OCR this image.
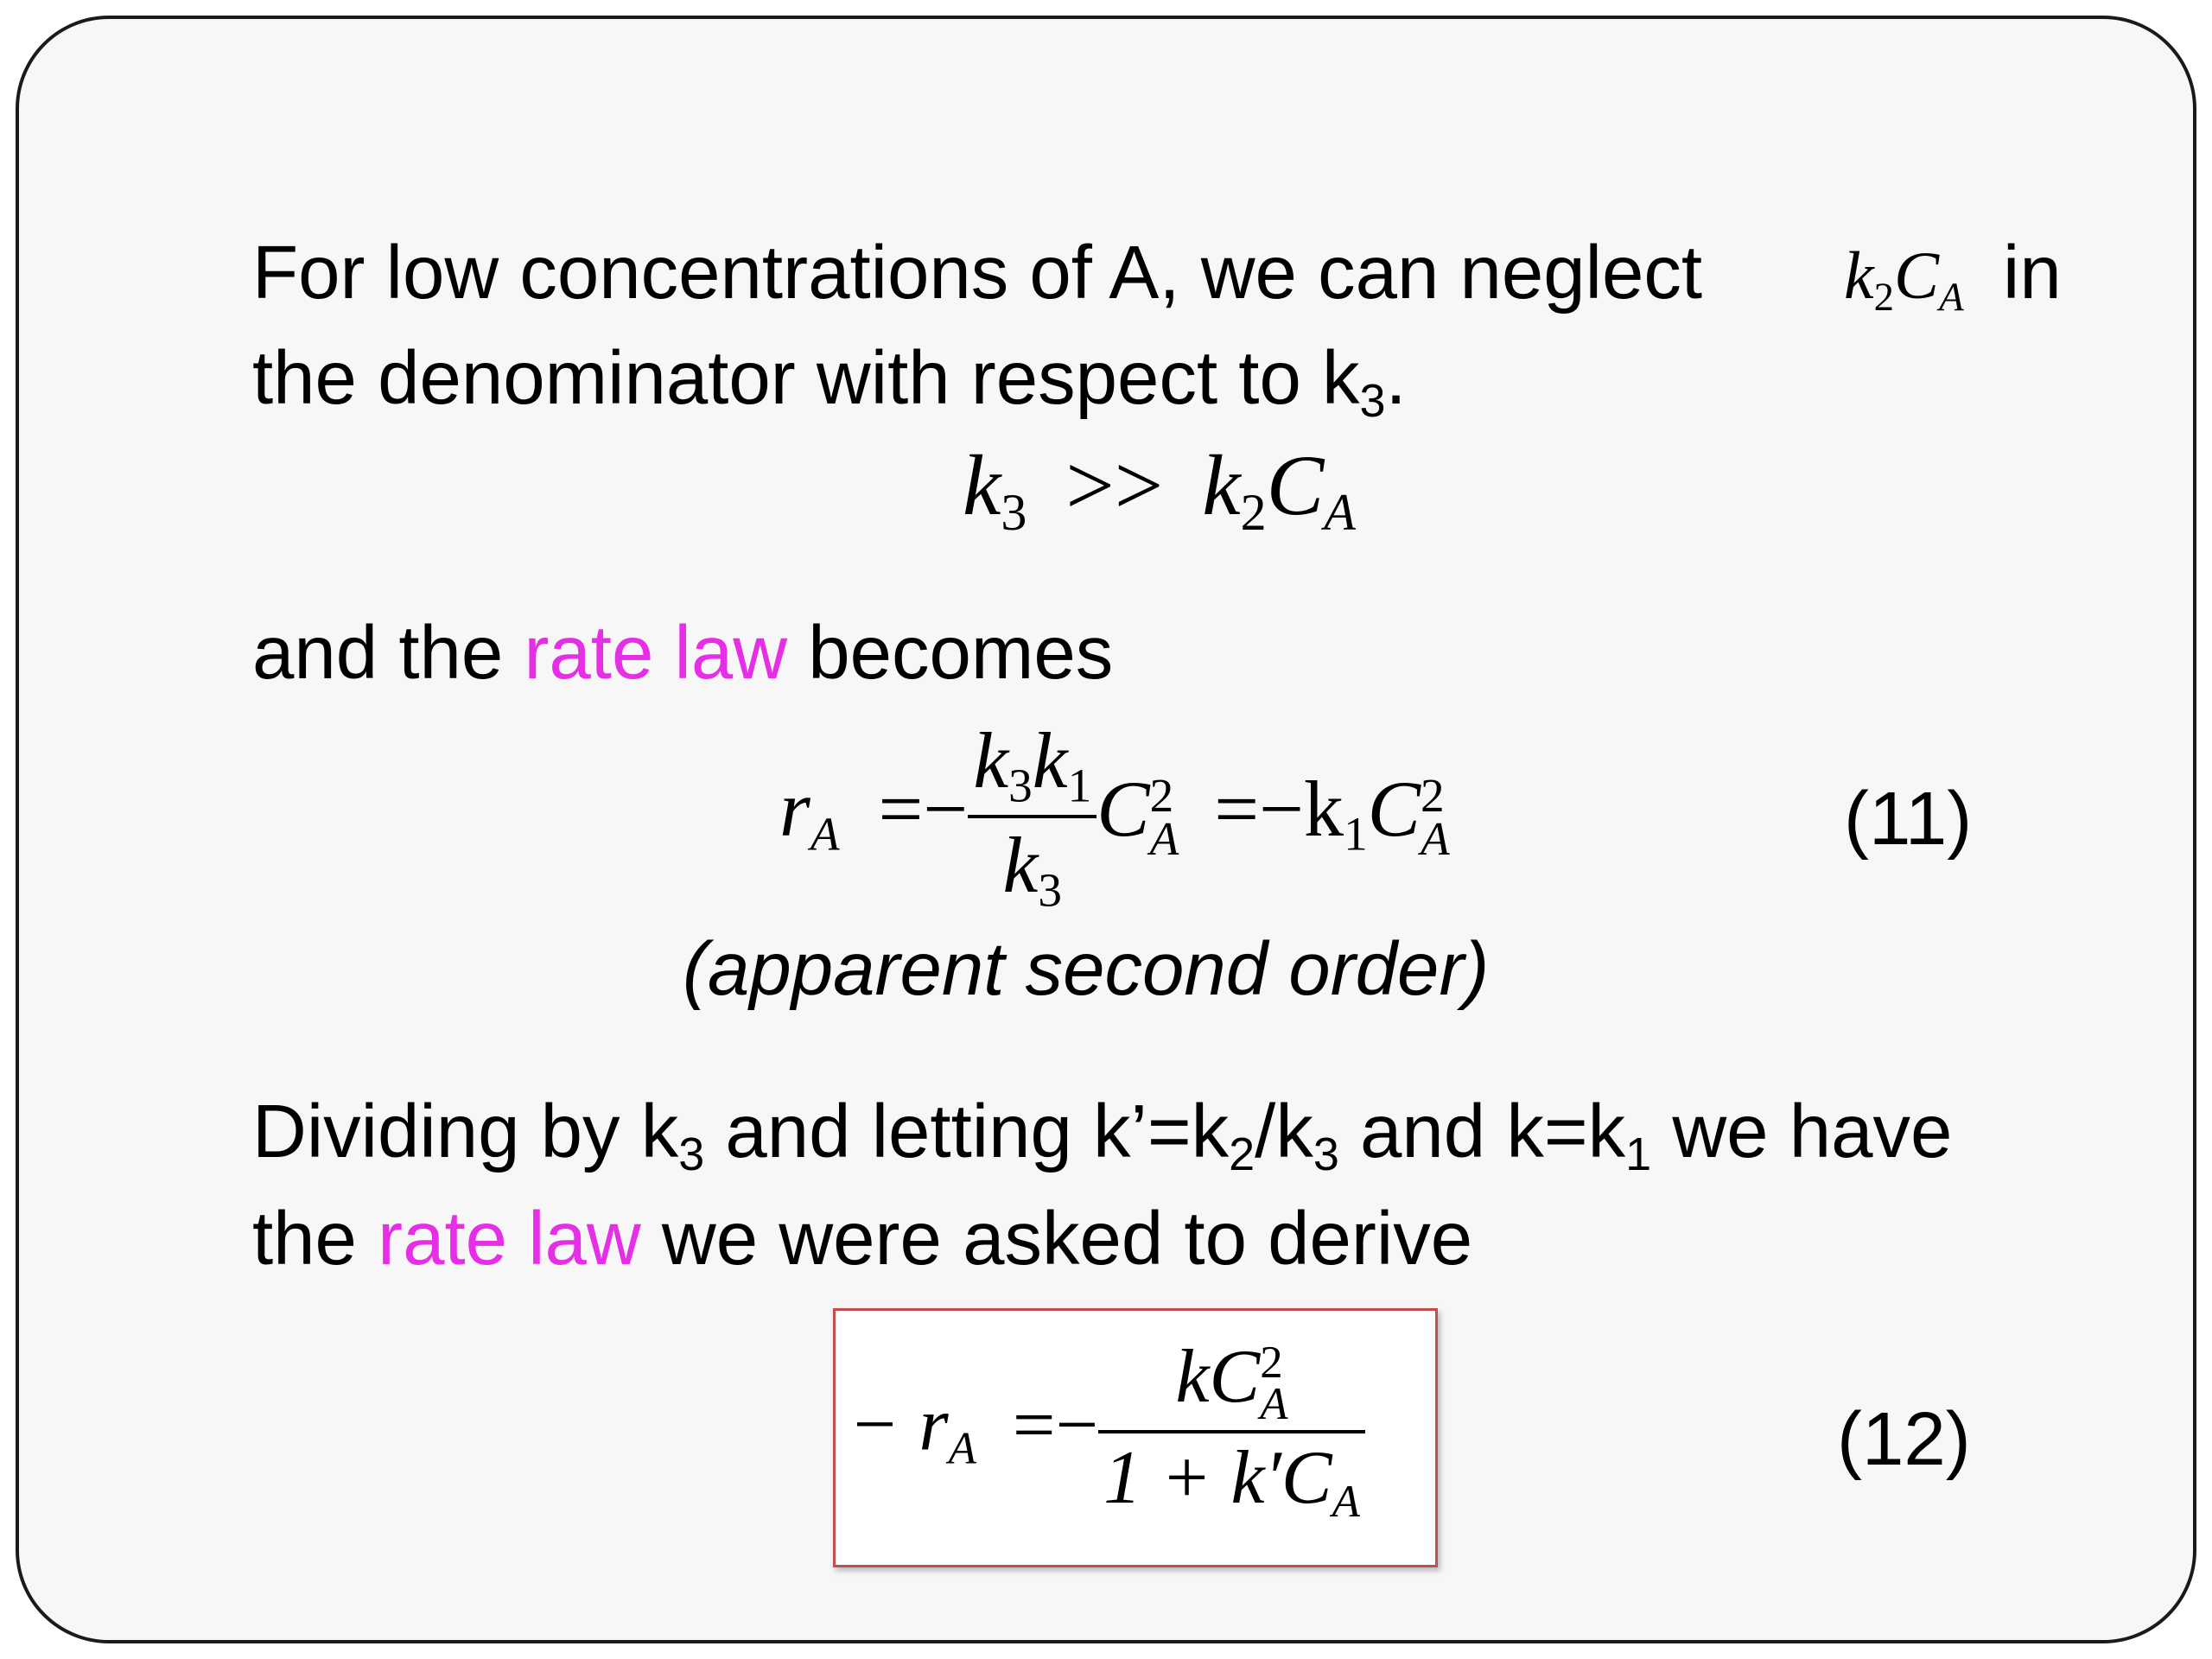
For low concentrations of A, we can neglect k2CA in
the denominator with respect to $k_3$.
k3 >> k2CA
and the rate law becomes
rA =− $\frac{k3k1}{k3}$ C 2
A =−k1C 2
A	(11)
(apparent second order)
Dividing by $k_3$ and letting $k’=k_2/k_3$ and $k=k_1$ we have
the rate law we were asked to derive
− rA =− kC 2
A
1 + k′CA	(12)
